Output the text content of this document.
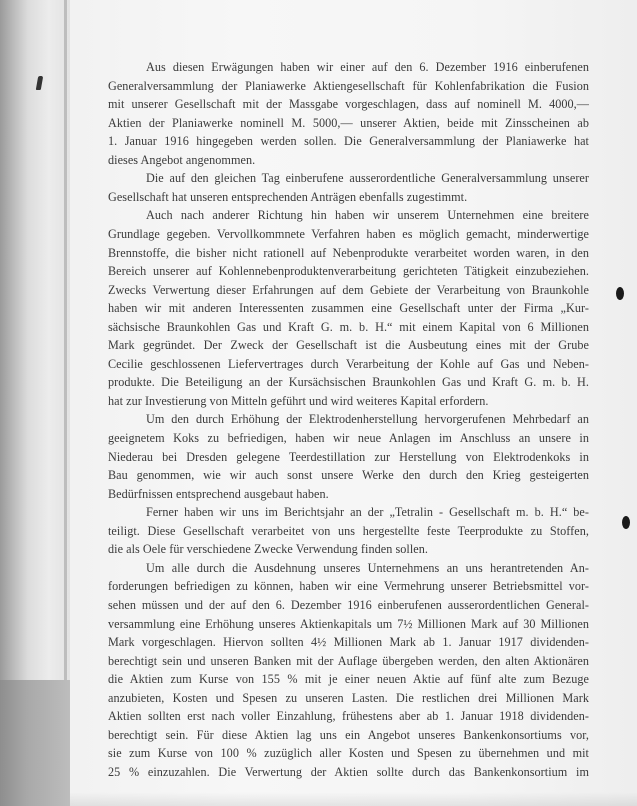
Aus diesen Erwägungen haben wir einer auf den 6. Dezember 1916 einberufenen
Generalversammlung der Planiawerke Aktiengesellschaft für Kohlenfabrikation die Fusion
mit unserer Gesellschaft mit der Massgabe vorgeschlagen, dass auf nominell M. 4000,—
Aktien der Planiawerke nominell M. 5000,— unserer Aktien, beide mit Zinsscheinen ab
1. Januar 1916 hingegeben werden sollen. Die Generalversammlung der Planiawerke hat
dieses Angebot angenommen.
Die auf den gleichen Tag einberufene ausserordentliche Generalversammlung unserer
Gesellschaft hat unseren entsprechenden Anträgen ebenfalls zugestimmt.
Auch nach anderer Richtung hin haben wir unserem Unternehmen eine breitere
Grundlage gegeben. Vervollkommnete Verfahren haben es möglich gemacht, minderwertige
Brennstoffe, die bisher nicht rationell auf Nebenprodukte verarbeitet worden waren, in den
Bereich unserer auf Kohlennebenproduktenverarbeitung gerichteten Tätigkeit einzubeziehen.
Zwecks Verwertung dieser Erfahrungen auf dem Gebiete der Verarbeitung von Braunkohle
haben wir mit anderen Interessenten zusammen eine Gesellschaft unter der Firma „Kur-
sächsische Braunkohlen Gas und Kraft G. m. b. H.“ mit einem Kapital von 6 Millionen
Mark gegründet. Der Zweck der Gesellschaft ist die Ausbeutung eines mit der Grube
Cecilie geschlossenen Liefervertrages durch Verarbeitung der Kohle auf Gas und Neben-
produkte. Die Beteiligung an der Kursächsischen Braunkohlen Gas und Kraft G. m. b. H.
hat zur Investierung von Mitteln geführt und wird weiteres Kapital erfordern.
Um den durch Erhöhung der Elektrodenherstellung hervorgerufenen Mehrbedarf an
geeignetem Koks zu befriedigen, haben wir neue Anlagen im Anschluss an unsere in
Niederau bei Dresden gelegene Teerdestillation zur Herstellung von Elektrodenkoks in
Bau genommen, wie wir auch sonst unsere Werke den durch den Krieg gesteigerten
Bedürfnissen entsprechend ausgebaut haben.
Ferner haben wir uns im Berichtsjahr an der „Tetralin - Gesellschaft m. b. H.“ be-
teiligt. Diese Gesellschaft verarbeitet von uns hergestellte feste Teerprodukte zu Stoffen,
die als Oele für verschiedene Zwecke Verwendung finden sollen.
Um alle durch die Ausdehnung unseres Unternehmens an uns herantretenden An-
forderungen befriedigen zu können, haben wir eine Vermehrung unserer Betriebsmittel vor-
sehen müssen und der auf den 6. Dezember 1916 einberufenen ausserordentlichen General-
versammlung eine Erhöhung unseres Aktienkapitals um 7½ Millionen Mark auf 30 Millionen
Mark vorgeschlagen. Hiervon sollten 4½ Millionen Mark ab 1. Januar 1917 dividenden-
berechtigt sein und unseren Banken mit der Auflage übergeben werden, den alten Aktionären
die Aktien zum Kurse von 155 % mit je einer neuen Aktie auf fünf alte zum Bezuge
anzubieten, Kosten und Spesen zu unseren Lasten. Die restlichen drei Millionen Mark
Aktien sollten erst nach voller Einzahlung, frühestens aber ab 1. Januar 1918 dividenden-
berechtigt sein. Für diese Aktien lag uns ein Angebot unseres Bankenkonsortiums vor,
sie zum Kurse von 100 % zuzüglich aller Kosten und Spesen zu übernehmen und mit
25 % einzuzahlen. Die Verwertung der Aktien sollte durch das Bankenkonsortium im
